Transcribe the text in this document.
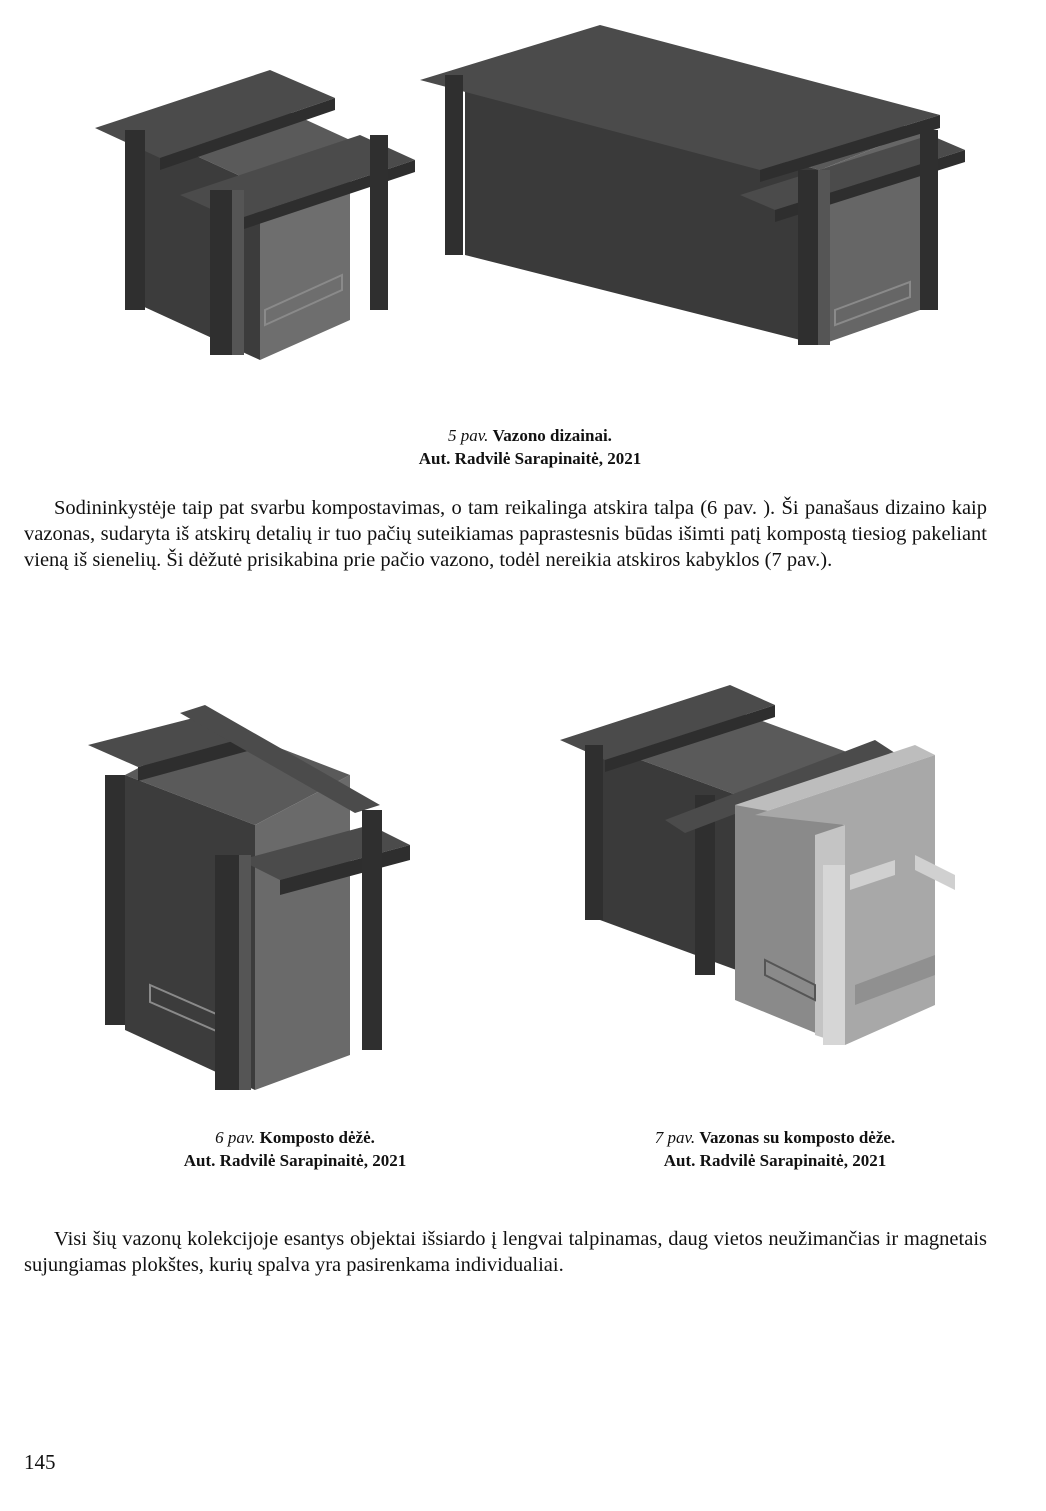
5 pav. Vazono dizainai.
Aut. Radvilė Sarapinaitė, 2021

Sodininkystėje taip pat svarbu kompostavimas, o tam reikalinga atskira talpa (6 pav. ). Ši panašaus dizaino kaip vazonas, sudaryta iš atskirų detalių ir tuo pačių suteikiamas paprastesnis būdas išimti patį kompostą tiesiog pakeliant vieną iš sienelių. Ši dėžutė prisikabina prie pačio vazono, todėl nereikia atskiros kabyklos (7 pav.).

6 pav. Komposto dėžė.
Aut. Radvilė Sarapinaitė, 2021
7 pav. Vazonas su komposto dėže.
Aut. Radvilė Sarapinaitė, 2021

Visi šių vazonų kolekcijoje esantys objektai išsiardo į lengvai talpinamas, daug vietos neužimančias ir magnetais sujungiamas plokštes, kurių spalva yra pasirenkama individualiai.

145
